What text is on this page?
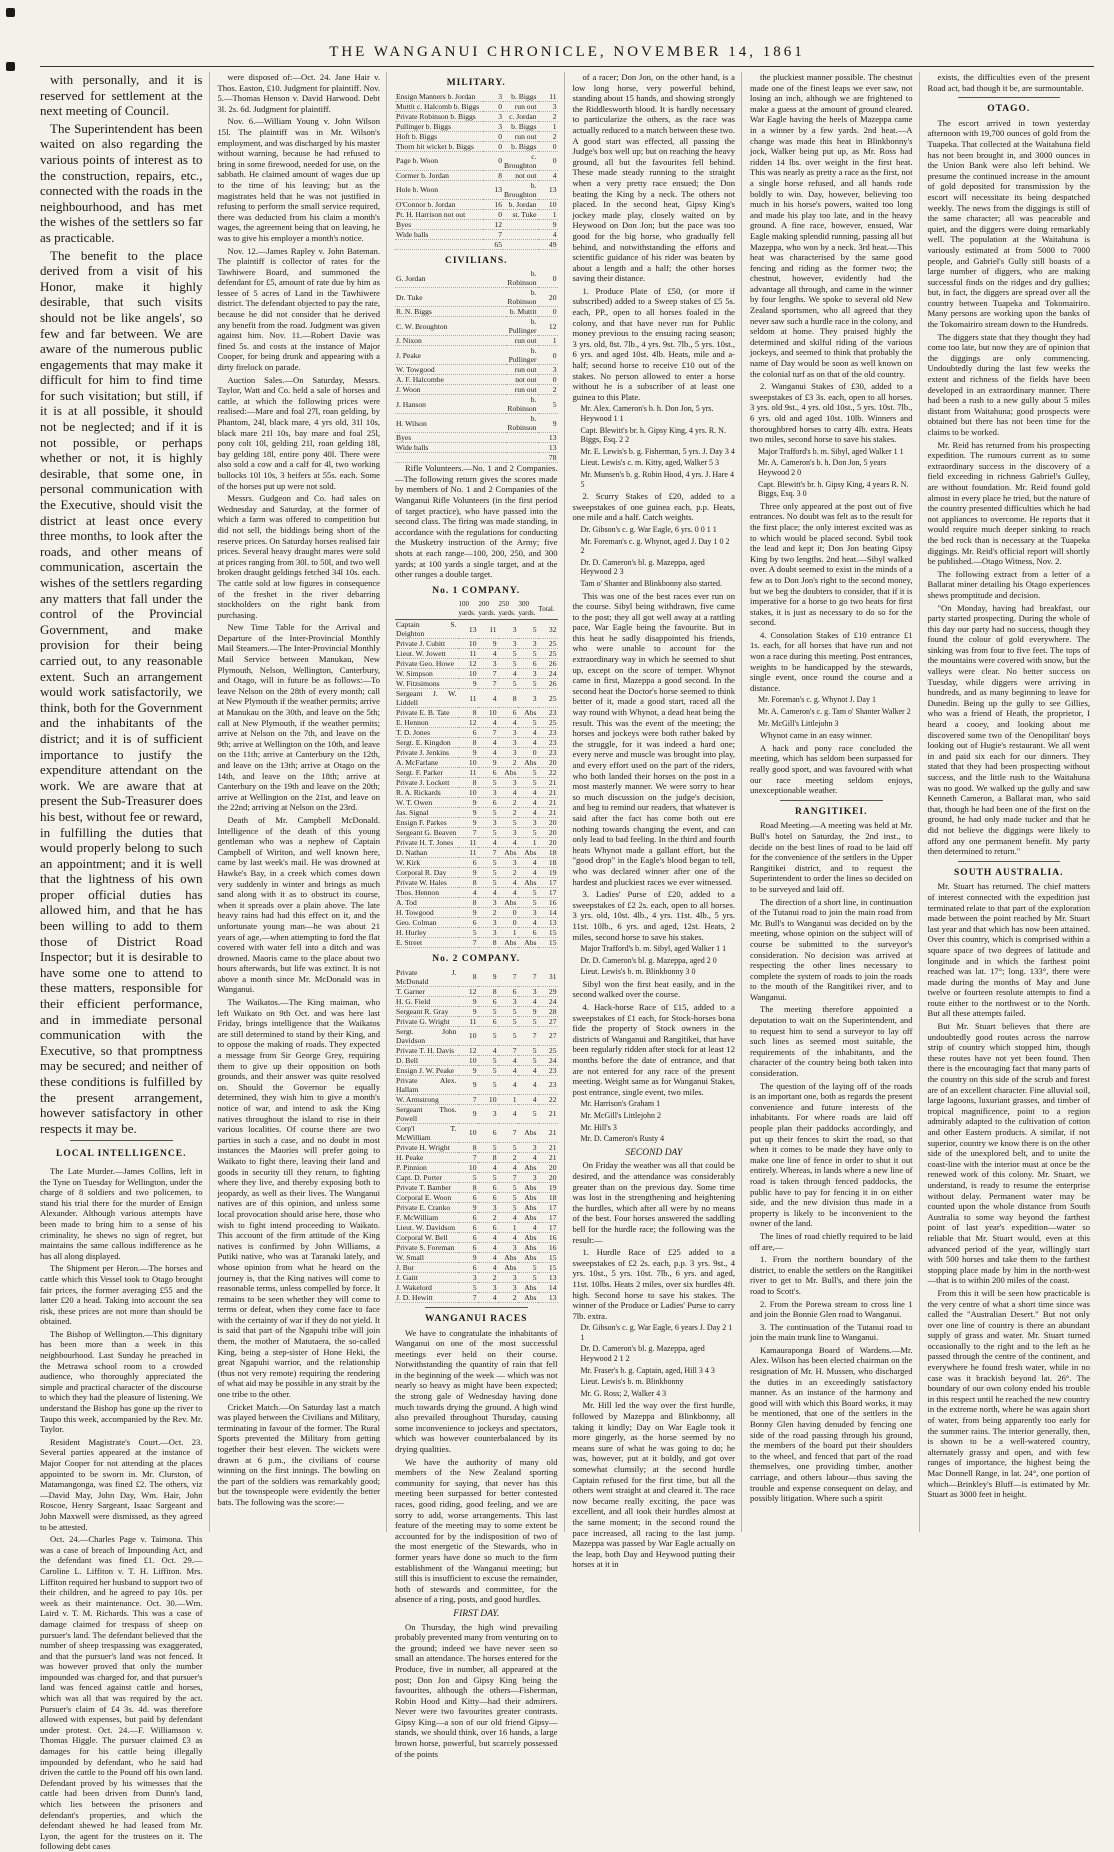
THE WANGANUI CHRONICLE, NOVEMBER 14, 1861

with personally, and it is reserved for settlement at the next meeting of Council.

The Superintendent has been waited on also regarding the various points of interest as to the construction, repairs, etc., connected with the roads in the neighbourhood, and has met the wishes of the settlers so far as practicable.

The benefit to the place derived from a visit of his Honor, make it highly desirable, that such visits should not be like angels', so few and far between. We are aware of the numerous public engagements that may make it difficult for him to find time for such visitation; but still, if it is at all possible, it should not be neglected; and if it is not possible, or perhaps whether or not, it is highly desirable, that some one, in personal communication with the Executive, should visit the district at least once every three months, to look after the roads, and other means of communication, ascertain the wishes of the settlers regarding any matters that fall under the control of the Provincial Government, and make provision for their being carried out, to any reasonable extent. Such an arrangement would work satisfactorily, we think, both for the Government and the inhabitants of the district; and it is of sufficient importance to justify the expenditure attendant on the work. We are aware that at present the Sub-Treasurer does his best, without fee or reward, in fulfilling the duties that would properly belong to such an appointment; and it is well that the lightness of his own proper official duties has allowed him, and that he has been willing to add to them those of District Road Inspector; but it is desirable to have some one to attend to these matters, responsible for their efficient performance, and in immediate personal communication with the Executive, so that promptness may be secured; and neither of these conditions is fulfilled by the present arrangement, however satisfactory in other respects it may be.

LOCAL INTELLIGENCE.

The Late Murder.—James Collins, left in the Tyne on Tuesday for Wellington, under the charge of 8 soldiers and two policemen, to stand his trial there for the murder of Ensign Alexander. Although various attempts have been made to bring him to a sense of his criminality, he shews no sign of regret, but maintains the same callous indifference as he has all along displayed.

The Shipment per Heron.—The horses and cattle which this Vessel took to Otago brought fair prices, the former averaging £55 and the latter £20 a head. Taking into account the sea risk, these prices are not more than should be obtained.

The Bishop of Wellington.—This dignitary has been more than a week in this neighbourhood. Last Sunday he preached in the Metrawa school room to a crowded audience, who thoroughly appreciated the simple and practical character of the discourse to which they had the pleasure of listening. We understand the Bishop has gone up the river to Taupo this week, accompanied by the Rev. Mr. Taylor.

Resident Magistrate's Court.—Oct. 23. Several parties appeared at the instance of Major Cooper for not attending at the places appointed to be sworn in. Mr. Clurston, of Matamangonga, was fined £2. The others, viz—David May, John Day, Wm. Hair, John Roscoe, Henry Sargeant, Isaac Sargeant and John Maxwell were dismissed, as they agreed to be attested.

Oct. 24.—Charles Page v. Taimona. This was a case of breach of Impounding Act, and the defendant was fined £1. Oct. 29.—Caroline L. Liffiton v. T. H. Liffiton. Mrs. Liffiton required her husband to support two of their children, and he agreed to pay 10s. per week as their maintenance. Oct. 30.—Wm. Laird v. T. M. Richards. This was a case of damage claimed for trespass of sheep on pursuer's land. The defendant believed that the number of sheep trespassing was exaggerated, and that the pursuer's land was not fenced. It was however proved that only the number impounded was charged for, and that pursuer's land was fenced against cattle and horses, which was all that was required by the act. Pursuer's claim of £4 3s. 4d. was therefore allowed with expenses, but paid by defendant under protest. Oct. 24.—F. Williamson v. Thomas Higgle. The pursuer claimed £3 as damages for his cattle being illegally impounded by defendant, who he said had driven the cattle to the Pound off his own land. Defendant proved by his witnesses that the cattle had been driven from Dunn's land, which lies between the prisoners and defendant's properties, and which the defendant shewed he had leased from Mr. Lyon, the agent for the trustees on it. The following debt cases

were disposed of:—Oct. 24. Jane Hair v. Thos. Easton, £10. Judgment for plaintiff. Nov. 5.—Thomas Henson v. David Harwood. Debt 3l. 2s. 6d. Judgment for plaintiff.

Nov. 6.—William Young v. John Wilson 15l. The plaintiff was in Mr. Wilson's employment, and was discharged by his master without warning, because he had refused to bring in some firewood, needed for use, on the sabbath. He claimed amount of wages due up to the time of his leaving; but as the magistrates held that he was not justified in refusing to perform the small service required, there was deducted from his claim a month's wages, the agreement being that on leaving, he was to give his employer a month's notice.

Nov. 12.—James Rapley v. John Bateman. The plaintiff is collector of rates for the Tawhiwere Board, and summoned the defendant for £5, amount of rate due by him as lessee of 5 acres of Land in the Tawhiwere district. The defendant objected to pay the rate, because he did not consider that he derived any benefit from the road. Judgment was given against him. Nov. 11.—Robert Davie was fined 5s. and costs at the instance of Major Cooper, for being drunk and appearing with a dirty firelock on parade.

Auction Sales.—On Saturday, Messrs. Taylor, Watt and Co. held a sale of horses and cattle, at which the following prices were realised:—Mare and foal 27l, roan gelding, by Phantom, 24l, black mare, 4 yrs old, 31l 10s, black mare 21l 10s, bay mare and foal 25l, pony colt 10l, gelding 21l, roan gelding 18l, bay gelding 18l, entire pony 40l. There were also sold a cow and a calf for 4l, two working bullocks 10l 10s, 3 heifers at 55s. each. Some of the horses put up were not sold.

Messrs. Gudgeon and Co. had sales on Wednesday and Saturday, at the former of which a farm was offered to competition but did not sell, the biddings being short of the reserve prices. On Saturday horses realised fair prices. Several heavy draught mares were sold at prices ranging from 30l. to 50l, and two well broken draught geldings fetched 34l 10s. each. The cattle sold at low figures in consequence of the freshet in the river debarring stockholders on the right bank from purchasing.

New Time Table for the Arrival and Departure of the Inter-Provincial Monthly Mail Steamers.—The Inter-Provincial Monthly Mail Service between Manukau, New Plymouth, Nelson, Wellington, Canterbury, and Otago, will in future be as follows:—To leave Nelson on the 28th of every month; call at New Plymouth if the weather permits; arrive at Manukau on the 30th, and leave on the 5th; call at New Plymouth, if the weather permits; arrive at Nelson on the 7th, and leave on the 9th; arrive at Wellington on the 10th, and leave on the 11th; arrive at Canterbury on the 12th, and leave on the 13th; arrive at Otago on the 14th, and leave on the 18th; arrive at Canterbury on the 19th and leave on the 20th; arrive at Wellington on the 21st, and leave on the 22nd; arriving at Nelson on the 23rd.

Death of Mr. Campbell McDonald. Intelligence of the death of this young gentleman who was a nephew of Captain Campbell of Wiriton, and well known here, came by last week's mail. He was drowned at Hawke's Bay, in a creek which comes down very suddenly in winter and brings as much sand along with it as to obstruct its course, when it spreads over a plain above. The late heavy rains had had this effect on it, and the unfortunate young man—he was about 21 years of age,—when attempting to ford the flat covered with water fell into a ditch and was drowned. Maoris came to the place about two hours afterwards, but life was extinct. It is not above a month since Mr. McDonald was in Wanganui.

The Waikatos.—The King maiman, who left Waikato on 9th Oct. and was here last Friday, brings intelligence that the Waikatos are still determined to stand by their King, and to oppose the making of roads. They expected a message from Sir George Grey, requiring them to give up their opposition on both grounds, and their answer was quite resolved on. Should the Governor be equally determined, they wish him to give a month's notice of war, and intend to ask the King natives throughout the island to rise in their various localities. Of course there are two parties in such a case, and no doubt in most instances the Maories will prefer going to Waikato to fight there, leaving their land and goods in security till they return, to fighting where they live, and thereby exposing both to jeopardy, as well as their lives. The Wanganui natives are of this opinion, and unless some local provocation should arise here, those who wish to fight intend proceeding to Waikato. This account of the firm attitude of the King natives is confirmed by John Williams, a Putiki native, who was at Taranaki lately, and whose opinion from what he heard on the journey is, that the King natives will come to reasonable terms, unless compelled by force. It remains to be seen whether they will come to terms or defeat, when they come face to face with the certainty of war if they do not yield. It is said that part of the Ngapuhi tribe will join them, the mother of Matutaera, the so-called King, being a step-sister of Hone Heki, the great Ngapuhi warrior, and the relationship (thus not very remote) requiring the rendering of what aid may be possible in any strait by the one tribe to the other.

Cricket Match.—On Saturday last a match was played between the Civilians and Military, terminating in favour of the former. The Rural Sports prevented the Military from getting together their best eleven. The wickets were drawn at 6 p.m., the civilians of course winning on the first innings. The bowling on the part of the soldiers was remarkably good; but the townspeople were evidently the better bats. The following was the score:—

MILITARY.
Ensign Manners b. Jordan	3	b. Biggs	11
Muttit c. Halcomb b. Biggs	0	run out	3
Private Robinson b. Biggs	3	c. Jordan	2
Pullinger b. Biggs	3	b. Biggs	1
Hoft b. Biggs	0	run out	2
Thorn hit wicket b. Biggs	0	b. Biggs	0
Page b. Woon	0	c. Broughton	0
Cormer b. Jordan	8	not out	4
Hole b. Woon	13	b. Broughton	13
O'Connor b. Jordan	16	b. Jordan	10
Pt. H. Harrison not out	0	st. Tuke	1
Byes	12		9
Wide balls	7		4
	65		49
CIVILIANS.
G. Jordan	b. Robinson	0
Dr. Tuke	b. Robinson	20
R. N. Biggs	b. Muttit	0
C. W. Broughton	b. Pullinger	12
J. Nixon	run out	1
J. Peake	b. Pullinger	0
W. Towgood	run out	3
A. F. Halcombe	not out	0
J. Woon	run out	2
J. Hanson	b. Robinson	5
H. Wilson	b. Robinson	9
Byes		13
Wide balls		13
		78

Rifle Volunteers.—No. 1 and 2 Companies.—The following return gives the scores made by members of No. 1 and 2 Companies of the Wanganui Rifle Volunteers (in the first period of target practice), who have passed into the second class. The firing was made standing, in accordance with the regulations for conducting the Musketry instruction of the Army; five shots at each range—100, 200, 250, and 300 yards; at 100 yards a single target, and at the other ranges a double target.

No. 1 COMPANY.
	100 yards.	200 yards.	250 yards.	300 yards.	Total.
Captain S. Deighton	13	11	3	5	32
Private J. Cubitt	10	9	3	3	25
Lieut. W. Jowett	11	4	5	5	25
Private Geo. Howe	12	3	5	6	26
W. Simpson	10	7	4	3	24
W. Fitzsimons	9	7	5	5	26
Sergeant J. W. Liddell	11	4	8	3	25
Private E. B. Tate	8	10	6	Abs	23
E. Hennon	12	4	4	5	25
T. D. Jones	6	7	3	4	23
Sergt. E. Kingdon	8	4	3	4	23
Private J. Jenkins	9	4	3	0	23
A. McFarlane	10	9	2	Abs	20
Sergt. F. Parker	11	6	Abs	5	22
Private J. Lockett	8	5	3	5	21
R. A. Rickards	10	3	4	4	21
W. T. Owen	9	6	2	4	21
Jas. Signal	9	5	2	4	21
Ensign F. Parkes	9	3	5	3	20
Sergeant G. Beaven	7	5	3	5	20
Private H. T. Jones	11	4	4	1	20
D. Nathan	11	7	Abs	Abs	18
W. Kirk	6	5	3	4	18
Corporal R. Day	9	5	2	4	19
Private W. Hales	8	5	4	Abs	17
Thos. Hennon	4	4	4	5	17
A. Tod	8	3	Abs	5	16
H. Towgood	9	2	0	3	14
Geo. Colman	6	3	0	4	13
H. Hurley	5	3	1	6	15
E. Street	7	8	Abs	Abs	15
No. 2 COMPANY.
Private J. McDonald	8	9	7	7	31
T. Garner	12	8	6	3	29
H. G. Field	9	6	3	4	24
Sergeant R. Gray	9	5	5	9	28
Private G. Wright	11	6	5	5	27
Sergt. John Davidson	10	5	5	7	27
Private T. H. Davis	12	4	7	5	25
D. Bell	10	5	4	5	24
Ensign J. W. Peake	9	5	4	4	23
Private Alex. Hallam	9	5	4	4	23
W. Armstrong	7	10	1	4	22
Sergeant Thos. Powell	9	3	4	5	21
Corp'l T. McWilliam	10	6	7	Abs	21
Private H. Wright	8	5	5	3	21
H. Peake	7	8	2	4	21
P. Pinnion	10	4	4	Abs	20
Capt. D. Porter	5	5	7	3	20
Private T. Bamber	8	6	5	Abs	19
Corporal E. Woon	6	6	5	Abs	18
Private E. Cranko	9	3	5	Abs	17
F. McWilliam	6	2	4	Abs	17
Lieut. W. Davidson	6	6	1	4	17
Corporal W. Bell	6	4	4	Abs	16
Private S. Foreman	6	4	3	Abs	16
W. Small	9	4	Abs	Abs	15
J. Bur	6	4	Abs	5	15
J. Gaitt	3	2	3	5	13
J. Wakelord	5	3	3	Abs	14
J. D. Hewitt	7	4	2	Abs	13
WANGANUI RACES

We have to congratulate the inhabitants of Wanganui on one of the most successful meetings ever held on their course. Notwithstanding the quantity of rain that fell in the beginning of the week — which was not nearly so heavy as might have been expected; the strong gale of Wednesday having done much towards drying the ground. A high wind also prevailed throughout Thursday, causing some inconvenience to jockeys and spectators, which was however counterbalanced by its drying qualities.

We have the authority of many old members of the New Zealand sporting community for saying, that never has this meeting been surpassed for better contested races, good riding, good feeling, and we are sorry to add, worse arrangements. This last feature of the meeting may to some extent be accounted for by the indisposition of two of the most energetic of the Stewards, who in former years have done so much to the firm establishment of the Wanganui meeting; but still this is insufficient to excuse the remainder, both of stewards and committee, for the absence of a ring, posts, and good hurdles.

FIRST DAY.

On Thursday, the high wind prevailing probably prevented many from venturing on to the ground; indeed we have never seen so small an attendance. The horses entered for the Produce, five in number, all appeared at the post; Don Jon and Gipsy King being the favourites, although the others—Fisherman, Robin Hood and Kitty—had their admirers. Never were two favourites greater contrasts. Gipsy King—a son of our old friend Gipsy—stands, we should think, over 16 hands, a large brown horse, powerful, but scarcely possessed of the points

of a racer; Don Jon, on the other hand, is a low long horse, very powerful behind, standing about 15 hands, and showing strongly the Riddlesworth blood. It is hardly necessary to particularize the others, as the race was actually reduced to a match between these two. A good start was effected, all passing the Judge's box well up; but on reaching the heavy ground, all but the favourites fell behind. These made steady running to the straight when a very pretty race ensued; the Don beating the King by a neck. The others not placed. In the second heat, Gipsy King's jockey made play, closely waited on by Heywood on Don Jon; but the pace was too good for the big horse, who gradually fell behind, and notwithstanding the efforts and scientific guidance of his rider was beaten by about a length and a half; the other horses saving their distance.

1. Produce Plate of £50, (or more if subscribed) added to a Sweep stakes of £5 5s. each, PP., open to all horses foaled in the colony, and that have never run for Public money previous to the ensuing racing season; 3 yrs. old, 8st. 7lb., 4 yrs. 9st. 7lb., 5 yrs. 10st., 6 yrs. and aged 10st. 4lb. Heats, mile and a-half; second horse to receive £10 out of the stakes. No person allowed to enter a horse without he is a subscriber of at least one guinea to this Plate.

Mr. Alex. Cameron's b. h. Don Jon, 5 yrs. Heywood 1 1

Capt. Blewitt's br. h. Gipsy King, 4 yrs. R. N. Biggs, Esq. 2 2

Mr. E. Lewis's b. g. Fisherman, 5 yrs. J. Day 3 4

Lieut. Lewis's c. m. Kitty, aged, Walker 5 3

Mr. Munsen's b. g. Robin Hood, 4 yrs. J. Hare 4 5

2. Scurry Stakes of £20, added to a sweepstakes of one guinea each, p.p. Heats, one mile and a half. Catch weights.

Dr. Gibson's c. g. War Eagle, 6 yrs. 0 0 1 1

Mr. Foreman's c. g. Whynot, aged J. Day 1 0 2 2

Dr. D. Cameron's bl. g. Mazeppa, aged Heywood 2 3

Tam o' Shanter and Blinkbonny also started.

This was one of the best races ever run on the course. Sibyl being withdrawn, five came to the post; they all got well away at a rattling pace, War Eagle being the favourite. But in this heat he sadly disappointed his friends, who were unable to account for the extraordinary way in which he seemed to shut up, except on the score of temper. Whynot came in first, Mazeppa a good second. In the second heat the Doctor's horse seemed to think better of it, made a good start, raced all the way round with Whynot, a dead heat being the result. This was the event of the meeting; the horses and jockeys were both rather baked by the struggle, for it was indeed a hard one; every nerve and muscle was brought into play, and every effort used on the part of the riders, who both landed their horses on the post in a most masterly manner. We were sorry to hear so much discussion on the judge's decision, and beg to remind our readers, that whatever is said after the fact has come both out ere nothing towards changing the event, and can only lead to bad feeling. In the third and fourth heats Whynot made a gallant effort, but the "good drop" in the Eagle's blood began to tell, who was declared winner after one of the hardest and pluckiest races we ever witnessed.

3. Ladies' Purse of £20, added to a sweepstakes of £2 2s. each, open to all horses. 3 yrs. old, 10st. 4lb., 4 yrs. 11st. 4lb., 5 yrs. 11st. 10lb., 6 yrs. and aged, 12st. Heats, 2 miles, second horse to save his stakes.

Major Trafford's b. m. Sibyl, aged Walker 1 1

Dr. D. Cameron's bl. g. Mazeppa, aged 2 0

Lieut. Lewis's b. m. Blinkbonny 3 0

Sibyl won the first heat easily, and in the second walked over the course.

4. Hack-horse Race of £15, added to a sweepstakes of £1 each, for Stock-horses bona fide the property of Stock owners in the districts of Wanganui and Rangitikei, that have been regularly ridden after stock for at least 12 months before the date of entrance, and that are not entered for any race of the present meeting. Weight same as for Wanganui Stakes, post entrance, single event, two miles.

Mr. Harrison's Graham 1

Mr. McGill's Littlejohn 2

Mr. Hill's 3

Mr. D. Cameron's Rusty 4

SECOND DAY

On Friday the weather was all that could be desired, and the attendance was considerably greater than on the previous day. Some time was lost in the strengthening and heightening the hurdles, which after all were by no means of the best. Four horses answered the saddling bell for the hurdle race; the following was the result:—

1. Hurdle Race of £25 added to a sweepstakes of £2 2s. each, p.p. 3 yrs. 9st., 4 yrs. 10st., 5 yrs. 10st. 7lb., 6 yrs. and aged, 11st. 10lbs. Heats 2 miles, over six hurdles 4ft. high. Second horse to save his stakes. The winner of the Produce or Ladies' Purse to carry 7lb. extra.

Dr. Gibson's c. g. War Eagle, 6 years J. Day 2 1 1

Dr. D. Cameron's bl. g. Mazeppa, aged Heywood 2 1 2

Mr. Fraser's b. g. Captain, aged, Hill 3 4 3

Lieut. Lewis's b. m. Blinkbonny

Mr. G. Ross; 2, Walker 4 3

Mr. Hill led the way over the first hurdle, followed by Mazeppa and Blinkbonny, all taking it kindly; Day on War Eagle took it more gingerly, as the horse seemed by no means sure of what he was going to do; he was, however, put at it boldly, and got over somewhat clumsily; at the second hurdle Captain refused for the first time, but all the others went straight at and cleared it. The race now became really exciting, the pace was excellent, and all took their hurdles almost at the same moment; in the second round the pace increased, all racing to the last jump. Mazeppa was passed by War Eagle actually on the leap, both Day and Heywood putting their horses at it in

the pluckiest manner possible. The chestnut made one of the finest leaps we ever saw, not losing an inch, although we are frightened to make a guess at the amount of ground cleared. War Eagle having the heels of Mazeppa came in a winner by a few yards. 2nd heat.—A change was made this heat in Blinkbonny's jock, Walker being put up, as Mr. Ross had ridden 14 lbs. over weight in the first heat. This was nearly as pretty a race as the first, not a single horse refused, and all hands rode boldly to win. Day, however, believing too much in his horse's powers, waited too long and made his play too late, and in the heavy ground. A fine race, however, ensued, War Eagle making splendid running, passing all but Mazeppa, who won by a neck. 3rd heat.—This heat was characterised by the same good fencing and riding as the former two; the chestnut, however, evidently had the advantage all through, and came in the winner by four lengths. We spoke to several old New Zealand sportsmen, who all agreed that they never saw such a hurdle race in the colony, and seldom at home. They praised highly the determined and skilful riding of the various jockeys, and seemed to think that probably the name of Day would be soon as well known on the colonial turf as on that of the old country.

2. Wanganui Stakes of £30, added to a sweepstakes of £3 3s. each, open to all horses. 3 yrs. old 9st., 4 yrs. old 10st., 5 yrs. 10st. 7lb., 6 yrs. old and aged 10st. 10lb. Winners and thoroughbred horses to carry 4lb. extra. Heats two miles, second horse to save his stakes.

Major Trafford's b. m. Sibyl, aged Walker 1 1

Mr. A. Cameron's b. h. Don Jon, 5 years Heywood 2 0

Capt. Blewitt's br. h. Gipsy King, 4 years R. N. Biggs, Esq. 3 0

Three only appeared at the post out of five entrances. No doubt was felt as to the result for the first place; the only interest excited was as to which would be placed second. Sybil took the lead and kept it; Don Jon beating Gipsy King by two lengths. 2nd heat.—Sibyl walked over. A doubt seemed to exist in the minds of a few as to Don Jon's right to the second money, but we beg the doubters to consider, that if it is imperative for a horse to go two heats for first stakes, it is just as necessary to do so for the second.

4. Consolation Stakes of £10 entrance £1 1s. each, for all horses that have run and not won a race during this meeting. Post entrances, weights to be handicapped by the stewards, single event, once round the course and a distance.

Mr. Foreman's c. g. Whynot J. Day 1

Mr. A. Cameron's c. g. Tam o' Shanter Walker 2

Mr. McGill's Littlejohn 3

Whynot came in an easy winner.

A hack and pony race concluded the meeting, which has seldom been surpassed for really good sport, and was favoured with what our race meeting seldom enjoys, unexceptionable weather.

RANGITIKEI.

Road Meeting.—A meeting was held at Mr. Bull's hotel on Saturday, the 2nd inst., to decide on the best lines of road to be laid off for the convenience of the settlers in the Upper Rangitikei district, and to request the Superintendent to order the lines so decided on to be surveyed and laid off.

The direction of a short line, in continuation of the Tutanui road to join the main road from Mr. Bull's to Wanganui was decided on by the meeting, whose opinion on the subject will of course be submitted to the surveyor's consideration. No decision was arrived at respecting the other lines necessary to complete the system of roads to join the roads to the mouth of the Rangitikei river, and to Wanganui.

The meeting therefore appointed a deputation to wait on the Superintendent, and to request him to send a surveyor to lay off such lines as seemed most suitable, the requirements of the inhabitants, and the character of the country being both taken into consideration.

The question of the laying off of the roads is an important one, both as regards the present convenience and future interests of the inhabitants. For where roads are laid off people plan their paddocks accordingly, and put up their fences to skirt the road, so that when it comes to be made they have only to make one line of fence in order to shut it out entirely. Whereas, in lands where a new line of road is taken through fenced paddocks, the public have to pay for fencing it in on either side, and the new division thus made in a property is likely to be inconvenient to the owner of the land.

The lines of road chiefly required to be laid off are,—

1. From the northern boundary of the district, to enable the settlers on the Rangitikei river to get to Mr. Bull's, and there join the road to Scott's.

2. From the Porewa stream to cross line 1 and join the Bonnie Glen road to Wanganui.

3. The continuation of the Tutanui road to join the main trunk line to Wanganui.

Kamauraponga Board of Wardens.—Mr. Alex. Wilson has been elected chairman on the resignation of Mr. H. Mussen, who discharged the duties in an exceedingly satisfactory manner. As an instance of the harmony and good will with which this Board works, it may be mentioned, that one of the settlers in the Bonny Glen having denuded by fencing one side of the road passing through his ground, the members of the board put their shoulders to the wheel, and fenced that part of the road themselves, one providing timber, another carriage, and others labour—thus saving the trouble and expense consequent on delay, and possibly litigation. Where such a spirit

exists, the difficulties even of the present Road act, bad though it be, are surmountable.

OTAGO.

The escort arrived in town yesterday afternoon with 19,700 ounces of gold from the Tuapeka. That collected at the Waitahuna field has not been brought in, and 3000 ounces in the Union Bank were also left behind. We presume the continued increase in the amount of gold deposited for transmission by the escort will necessitate its being despatched weekly. The news from the diggings is still of the same character; all was peaceable and quiet, and the diggers were doing remarkably well. The population at the Waitahuna is variously estimated at from 5000 to 7000 people, and Gabriel's Gully still boasts of a large number of diggers, who are making successful finds on the ridges and dry gullies; but, in fact, the diggers are spread over all the country between Tuapeka and Tokomairiro. Many persons are working upon the banks of the Tokomairiro stream down to the Hundreds.

The diggers state that they thought they had come too late, but now they are of opinion that the diggings are only commencing. Undoubtedly during the last few weeks the extent and richness of the fields have been developed in an extraordinary manner. There had been a rush to a new gully about 5 miles distant from Waitahuna; good prospects were obtained but there has not been time for the claims to be worked.

Mr. Reid has returned from his prospecting expedition. The rumours current as to some extraordinary success in the discovery of a field exceeding in richness Gabriel's Gulley, are without foundation. Mr. Reid found gold almost in every place he tried, but the nature of the country presented difficulties which he had not appliances to overcome. He reports that it would require much deeper sinking to reach the bed rock than is necessary at the Tuapeka diggings. Mr. Reid's official report will shortly be published.—Otago Witness, Nov. 2.

The following extract from a letter of a Ballarat miner detailing his Otago experiences shews promptitude and decision.

"On Monday, having had breakfast, our party started prospecting. During the whole of this day our party had no success, though they found the colour of gold everywhere. The sinking was from four to five feet. The tops of the mountains were covered with snow, but the valleys were clear. No better success on Tuesday, while diggers were arriving in hundreds, and as many beginning to leave for Dunedin. Being up the gully to see Gillies, who was a friend of Heath, the proprietor, I heard a cooey, and looking about me discovered some two of the Oenopilitan' boys looking out of Hugie's restaurant. We all went in and paid six each for our dinners. They stated that they had been prospecting without success, and the little rush to the Waitahuna was no good. We walked up the gully and saw Kenneth Cameron, a Ballarat man, who said that, though he had been one of the first on the ground, he had only made tucker and that he did not believe the diggings were likely to afford any one permanent benefit. My party then determined to return."

SOUTH AUSTRALIA.

Mr. Stuart has returned. The chief matters of interest connected with the expedition just terminated relate to that part of the exploration made between the point reached by Mr. Stuart last year and that which has now been attained. Over this country, which is comprised within a square space of two degrees of latitude and longitude and in which the farthest point reached was lat. 17°; long. 133°, there were made during the months of May and June twelve or fourteen resolute attempts to find a route either to the northwest or to the North. But all these attempts failed.

But Mr. Stuart believes that there are undoubtedly good routes across the narrow strip of country which stopped him, though these routes have not yet been found. Then there is the encouraging fact that many parts of the country on this side of the scrub and forest are of an excellent character. Fine alluvial soil, large lagoons, luxuriant grasses, and timber of tropical magnificence, point to a region admirably adapted to the cultivation of cotton and other Eastern products. A similar, if not superior, country we know there is on the other side of the unexplored belt, and to unite the coast-line with the interior must at once be the renewed work of this colony. Mr. Stuart, we understand, is ready to resume the enterprise without delay. Permanent water may be counted upon the whole distance from South Australia to some way beyond the farthest point of last year's expedition—water so reliable that Mr. Stuart would, even at this advanced period of the year, willingly start with 500 horses and take them to the farthest stopping place made by him in the north-west—that is to within 200 miles of the coast.

From this it will be seen how practicable is the very centre of what a short time since was called the "Australian Desert." But not only over one line of country is there an abundant supply of grass and water. Mr. Stuart turned occasionally to the right and to the left as he passed through the centre of the continent, and everywhere he found fresh water, while in no case was it brackish beyond lat. 26°. The boundary of our own colony ended his trouble in this respect until he reached the new country in the extreme north, where he was again short of water, from being apparently too early for the summer rains. The interior generally, then, is shown to be a well-watered country, alternately grassy and open, and with few ranges of importance, the highest being the Mac Donnell Range, in lat. 24°, one portion of which—Brinkley's Bluff—is estimated by Mr. Stuart as 3000 feet in height.
